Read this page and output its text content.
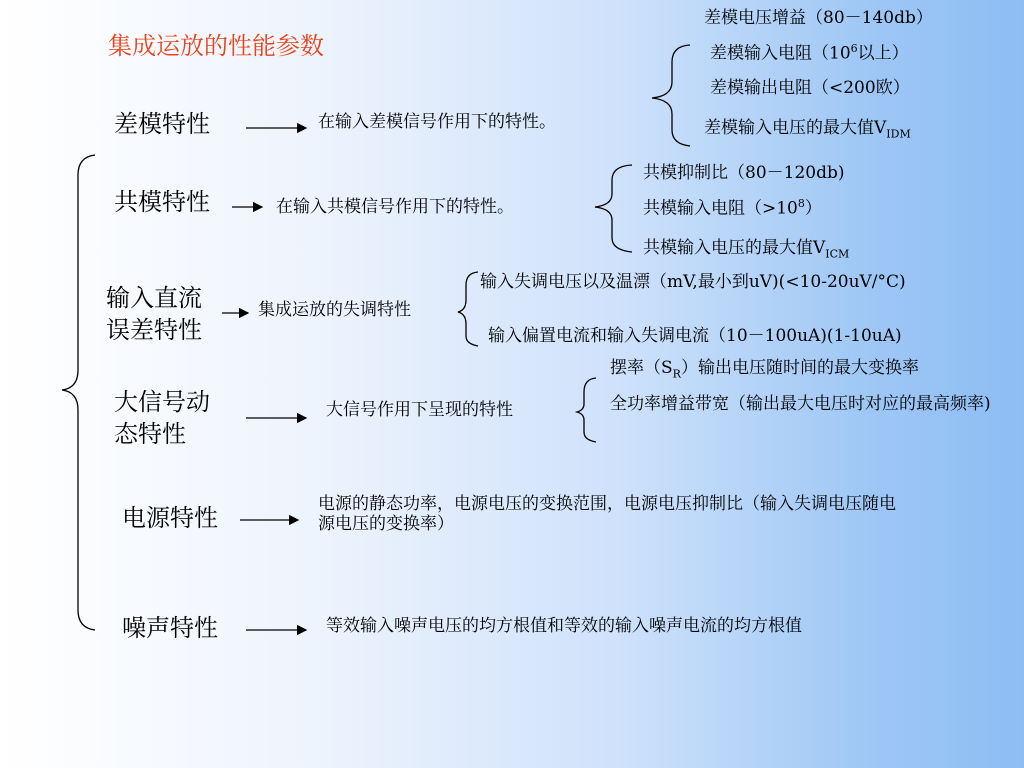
集成运放的性能参数
差模特性	在输入差模信号作用下的特性。
差模电压增益（80－140db）
差模输入电阻（$10^6$以上）
差模输出电阻（<200欧）
差模输入电压的最大值$V_{IDM}$
共模特性	在输入共模信号作用下的特性。
共模抑制比（80－120db)
共模输入电阻$(>10^8)$
共模输入电压的最大值$V_{ICM}$
输入直流
误差特性
集成运放的失调特性
输入失调电压以及温漂（mV,最小到uV)(<10-20uV/°C)
输入偏置电流和输入失调电流（10－100uA)(1-10uA)
大信号动
态特性
大信号作用下呈现的特性
摆率$(S_R)$输出电压随时间的最大变换率
全功率增益带宽（输出最大电压时对应的最高频率)
电源特性	电源的静态功率，电源电压的变换范围，电源电压抑制比（输入失调电压随电源电压的变换率）
噪声特性	等效输入噪声电压的均方根值和等效的输入噪声电流的均方根值
